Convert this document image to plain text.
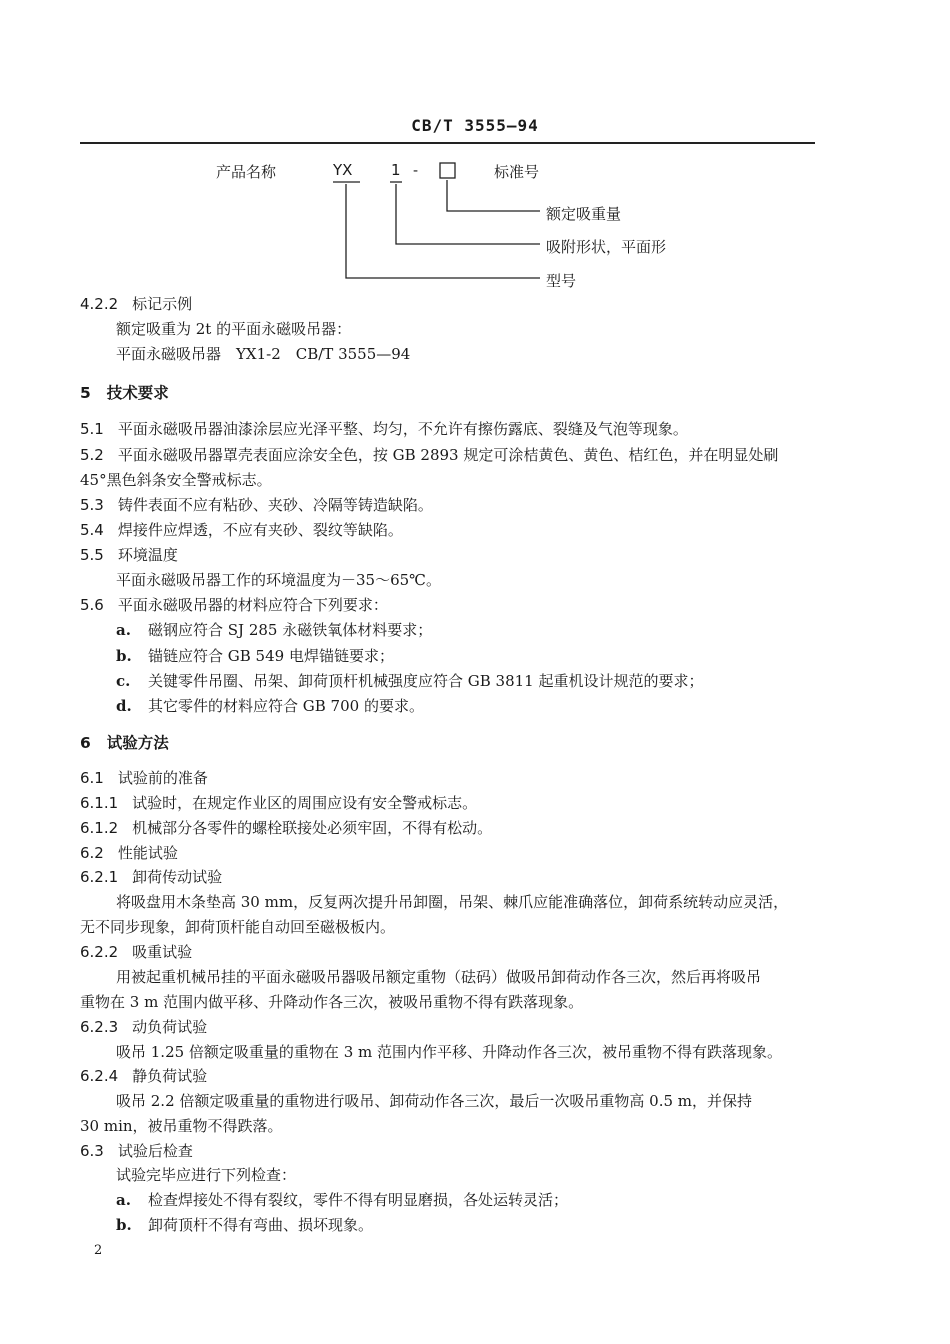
CB/T 3555—94
产品名称	YX	1 -	标准号
额定吸重量
吸附形状，平面形
型号
4.2.2 标记示例
额定吸重为 2t 的平面永磁吸吊器：
平面永磁吸吊器　YX1-2　CB/T 3555—94
5 技术要求
5.1 平面永磁吸吊器油漆涂层应光泽平整、均匀，不允许有擦伤露底、裂缝及气泡等现象。
5.2 平面永磁吸吊器罩壳表面应涂安全色，按 GB 2893 规定可涂桔黄色、黄色、桔红色，并在明显处刷
45°黑色斜条安全警戒标志。
5.3 铸件表面不应有粘砂、夹砂、冷隔等铸造缺陷。
5.4 焊接件应焊透，不应有夹砂、裂纹等缺陷。
5.5 环境温度
平面永磁吸吊器工作的环境温度为－35～65℃。
5.6 平面永磁吸吊器的材料应符合下列要求：
a. 磁钢应符合 SJ 285 永磁铁氧体材料要求；
b. 锚链应符合 GB 549 电焊锚链要求；
c. 关键零件吊圈、吊架、卸荷顶杆机械强度应符合 GB 3811 起重机设计规范的要求；
d. 其它零件的材料应符合 GB 700 的要求。
6 试验方法
6.1 试验前的准备
6.1.1 试验时，在规定作业区的周围应设有安全警戒标志。
6.1.2 机械部分各零件的螺栓联接处必须牢固，不得有松动。
6.2 性能试验
6.2.1 卸荷传动试验
将吸盘用木条垫高 30 mm，反复两次提升吊卸圈，吊架、棘爪应能准确落位，卸荷系统转动应灵活，
无不同步现象，卸荷顶杆能自动回至磁极板内。
6.2.2 吸重试验
用被起重机械吊挂的平面永磁吸吊器吸吊额定重物（砝码）做吸吊卸荷动作各三次，然后再将吸吊
重物在 3 m 范围内做平移、升降动作各三次，被吸吊重物不得有跌落现象。
6.2.3 动负荷试验
吸吊 1.25 倍额定吸重量的重物在 3 m 范围内作平移、升降动作各三次，被吊重物不得有跌落现象。
6.2.4 静负荷试验
吸吊 2.2 倍额定吸重量的重物进行吸吊、卸荷动作各三次，最后一次吸吊重物高 0.5 m，并保持
30 min，被吊重物不得跌落。
6.3 试验后检查
试验完毕应进行下列检查：
a. 检查焊接处不得有裂纹，零件不得有明显磨损，各处运转灵活；
b. 卸荷顶杆不得有弯曲、损坏现象。
2
